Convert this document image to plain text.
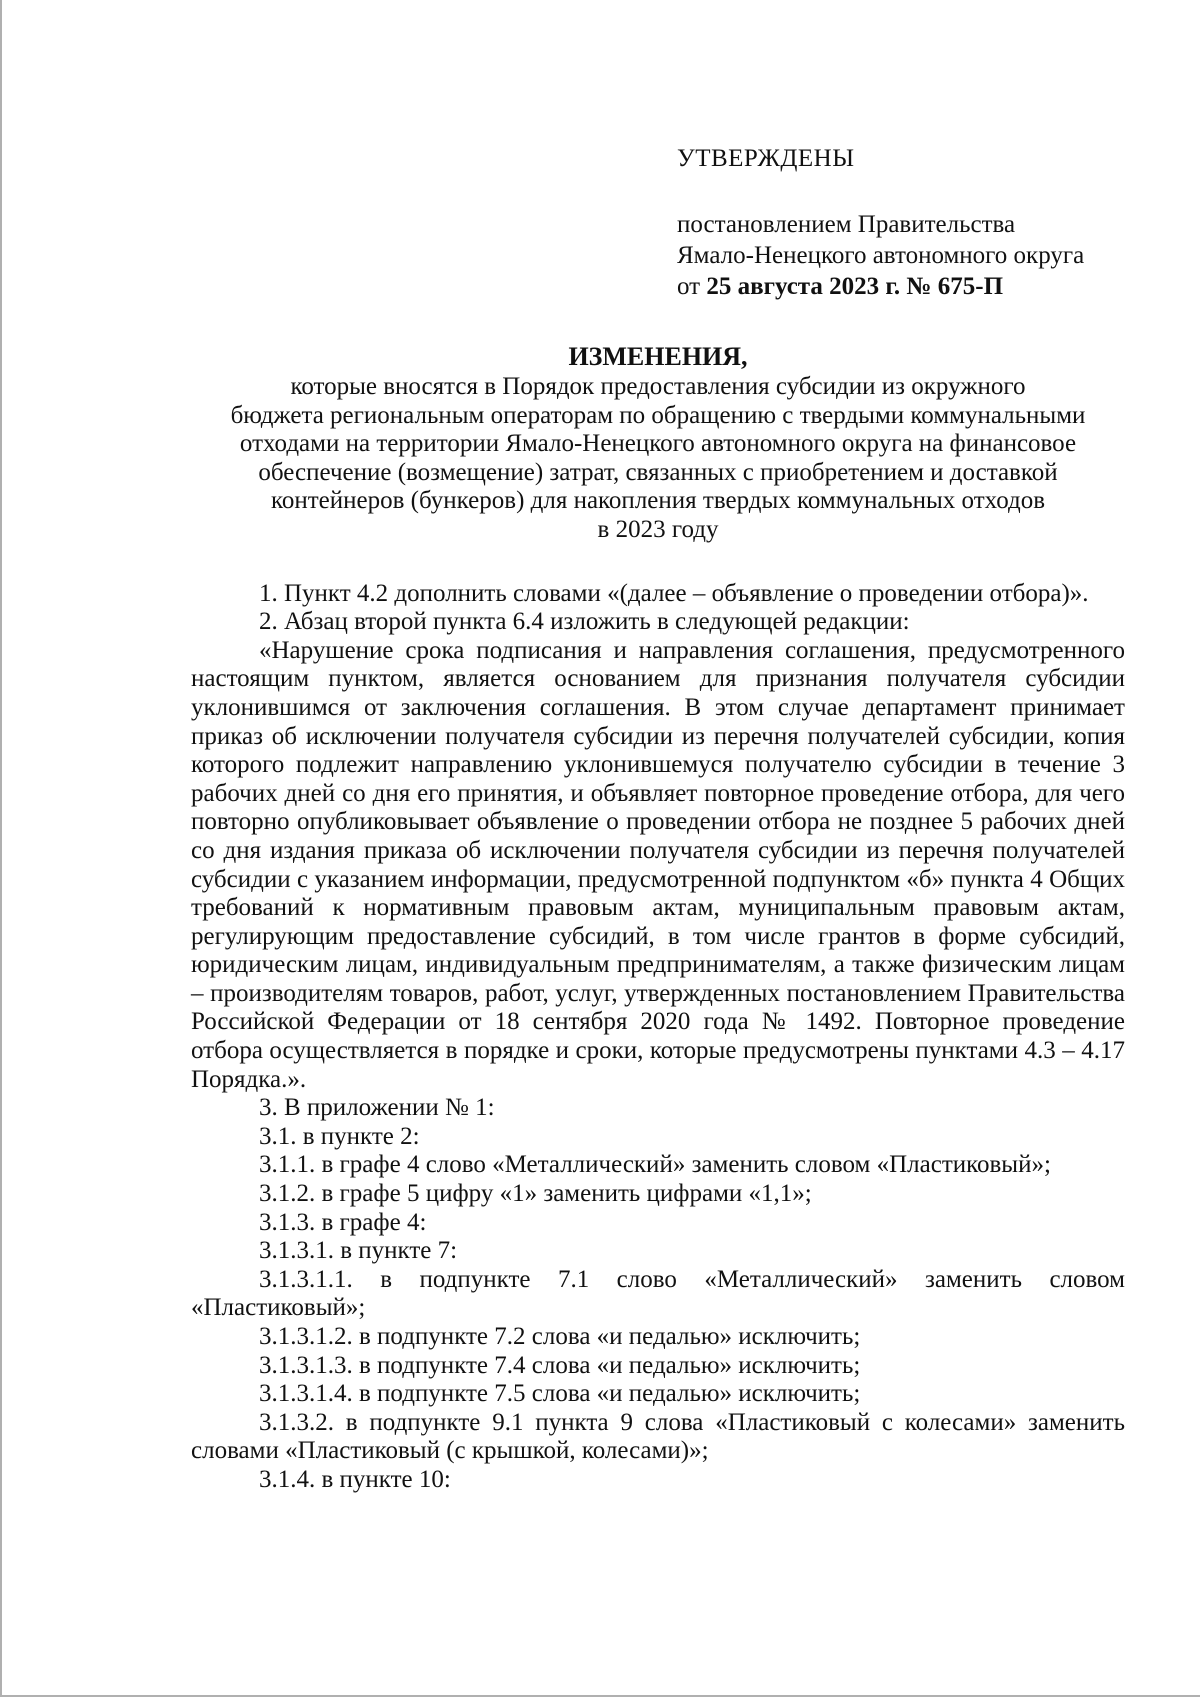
УТВЕРЖДЕНЫ

постановлением Правительства

Ямало-Ненецкого автономного округа

от 25 августа 2023 г. № 675-П

ИЗМЕНЕНИЯ,

которые вносятся в Порядок предоставления субсидии из окружного
бюджета региональным операторам по обращению с твердыми коммунальными
отходами на территории Ямало-Ненецкого автономного округа на финансовое
обеспечение (возмещение) затрат, связанных с приобретением и доставкой
контейнеров (бункеров) для накопления твердых коммунальных отходов
в 2023 году

1. Пункт 4.2 дополнить словами «(далее – объявление о проведении отбора)».

2. Абзац второй пункта 6.4 изложить в следующей редакции:

«Нарушение срока подписания и направления соглашения, предусмотренного настоящим пунктом, является основанием для признания получателя субсидии уклонившимся от заключения соглашения. В этом случае департамент принимает приказ об исключении получателя субсидии из перечня получателей субсидии, копия которого подлежит направлению уклонившемуся получателю субсидии в течение 3 рабочих дней со дня его принятия, и объявляет повторное проведение отбора, для чего повторно опубликовывает объявление о проведении отбора не позднее 5 рабочих дней со дня издания приказа об исключении получателя субсидии из перечня получателей субсидии с указанием информации, предусмотренной подпунктом «б» пункта 4 Общих требований к нормативным правовым актам, муниципальным правовым актам, регулирующим предоставление субсидий, в том числе грантов в форме субсидий, юридическим лицам, индивидуальным предпринимателям, а также физическим лицам – производителям товаров, работ, услуг, утвержденных постановлением Правительства Российской Федерации от 18 сентября 2020 года № 1492. Повторное проведение отбора осуществляется в порядке и сроки, которые предусмотрены пунктами 4.3 – 4.17 Порядка.».

3. В приложении № 1:

3.1. в пункте 2:

3.1.1. в графе 4 слово «Металлический» заменить словом «Пластиковый»;

3.1.2. в графе 5 цифру «1» заменить цифрами «1,1»;

3.1.3. в графе 4:

3.1.3.1. в пункте 7:

3.1.3.1.1. в подпункте 7.1 слово «Металлический» заменить словом «Пластиковый»;

3.1.3.1.2. в подпункте 7.2 слова «и педалью» исключить;

3.1.3.1.3. в подпункте 7.4 слова «и педалью» исключить;

3.1.3.1.4. в подпункте 7.5 слова «и педалью» исключить;

3.1.3.2. в подпункте 9.1 пункта 9 слова «Пластиковый с колесами» заменить словами «Пластиковый (с крышкой, колесами)»;

3.1.4. в пункте 10:
